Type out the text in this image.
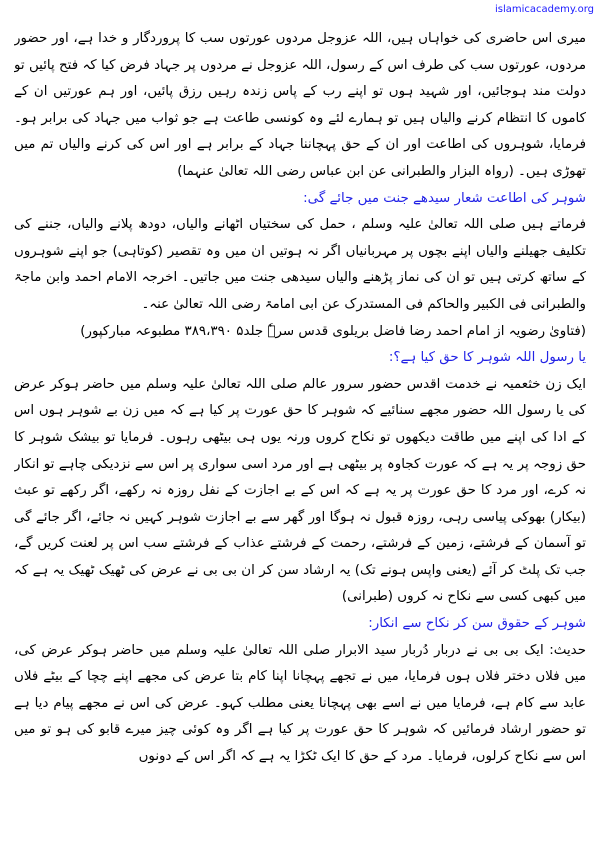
islamicacademy.org

میری اس حاضری کی خواہاں ہیں، اللہ عزوجل مردوں عورتوں سب کا پروردگار و خدا ہے، اور حضور مردوں، عورتوں سب کی طرف اس کے رسول، اللہ عزوجل نے مردوں پر جہاد فرض کیا کہ فتح پائیں تو دولت مند ہوجائیں، اور شہید ہوں تو اپنے رب کے پاس زندہ رہیں رزق پائیں، اور ہم عورتیں ان کے کاموں کا انتظام کرنے والیاں ہیں تو ہمارے لئے وہ کونسی طاعت ہے جو ثواب میں جہاد کی برابر ہو۔ فرمایا، شوہروں کی اطاعت اور ان کے حق پہچاننا جہاد کے برابر ہے اور اس کی کرنے والیاں تم میں تھوڑی ہیں۔ (رواہ البزار والطبرانی عن ابن عباس رضی اللہ تعالیٰ عنہما)

شوہر کی اطاعت شعار سیدھے جنت میں جائے گی:

فرماتے ہیں صلی اللہ تعالیٰ علیہ وسلم ، حمل کی سختیاں اٹھانے والیاں، دودھ پلانے والیاں، جننے کی تکلیف جھیلنے والیاں اپنے بچوں پر مہربانیاں اگر نہ ہوتیں ان میں وہ تقصیر (کوتاہی) جو اپنے شوہروں کے ساتھ کرتی ہیں تو ان کی نماز پڑھنے والیاں سیدھی جنت میں جاتیں۔ اخرجہ الامام احمد وابن ماجۃ والطبرانی فی الکبیر والحاکم فی المستدرک عن ابی امامۃ رضی اللہ تعالیٰ عنہ۔

(فتاویٰ رضویہ از امام احمد رضا فاضل بریلوی قدس سرہٗ جلد۵ ۳۸۹،۳۹۰ مطبوعہ مبارکپور)

یا رسول اللہ شوہر کا حق کیا ہے؟:

ایک زن خثعمیہ نے خدمت اقدس حضور سرور عالم صلی اللہ تعالیٰ علیہ وسلم میں حاضر ہوکر عرض کی یا رسول اللہ حضور مجھے سنائیے کہ شوہر کا حق عورت پر کیا ہے کہ میں زن بے شوہر ہوں اس کے ادا کی اپنے میں طاقت دیکھوں تو نکاح کروں ورنہ یوں ہی بیٹھی رہوں۔ فرمایا تو بیشک شوہر کا حق زوجہ پر یہ ہے کہ عورت کجاوہ پر بیٹھی ہے اور مرد اسی سواری پر اس سے نزدیکی چاہے تو انکار نہ کرے، اور مرد کا حق عورت پر یہ ہے کہ اس کے بے اجازت کے نفل روزہ نہ رکھے، اگر رکھے تو عبث (بیکار) بھوکی پیاسی رہی، روزہ قبول نہ ہوگا اور گھر سے بے اجازت شوہر کہیں نہ جائے، اگر جائے گی تو آسمان کے فرشتے، زمین کے فرشتے، رحمت کے فرشتے عذاب کے فرشتے سب اس پر لعنت کریں گے، جب تک پلٹ کر آئے (یعنی واپس ہونے تک) یہ ارشاد سن کر ان بی بی نے عرض کی ٹھیک ٹھیک یہ ہے کہ میں کبھی کسی سے نکاح نہ کروں (طبرانی)

شوہر کے حقوق سن کر نکاح سے انکار:

حدیث: ایک بی بی نے دربار دُربار سید الابرار صلی اللہ تعالیٰ علیہ وسلم میں حاضر ہوکر عرض کی، میں فلاں دختر فلاں ہوں فرمایا، میں نے تجھے پہچانا اپنا کام بتا عرض کی مجھے اپنے چچا کے بیٹے فلاں عابد سے کام ہے، فرمایا میں نے اسے بھی پہچانا یعنی مطلب کہو۔ عرض کی اس نے مجھے پیام دیا ہے تو حضور ارشاد فرمائیں کہ شوہر کا حق عورت پر کیا ہے اگر وہ کوئی چیز میرے قابو کی ہو تو میں اس سے نکاح کرلوں، فرمایا۔ مرد کے حق کا ایک ٹکڑا یہ ہے کہ اگر اس کے دونوں
